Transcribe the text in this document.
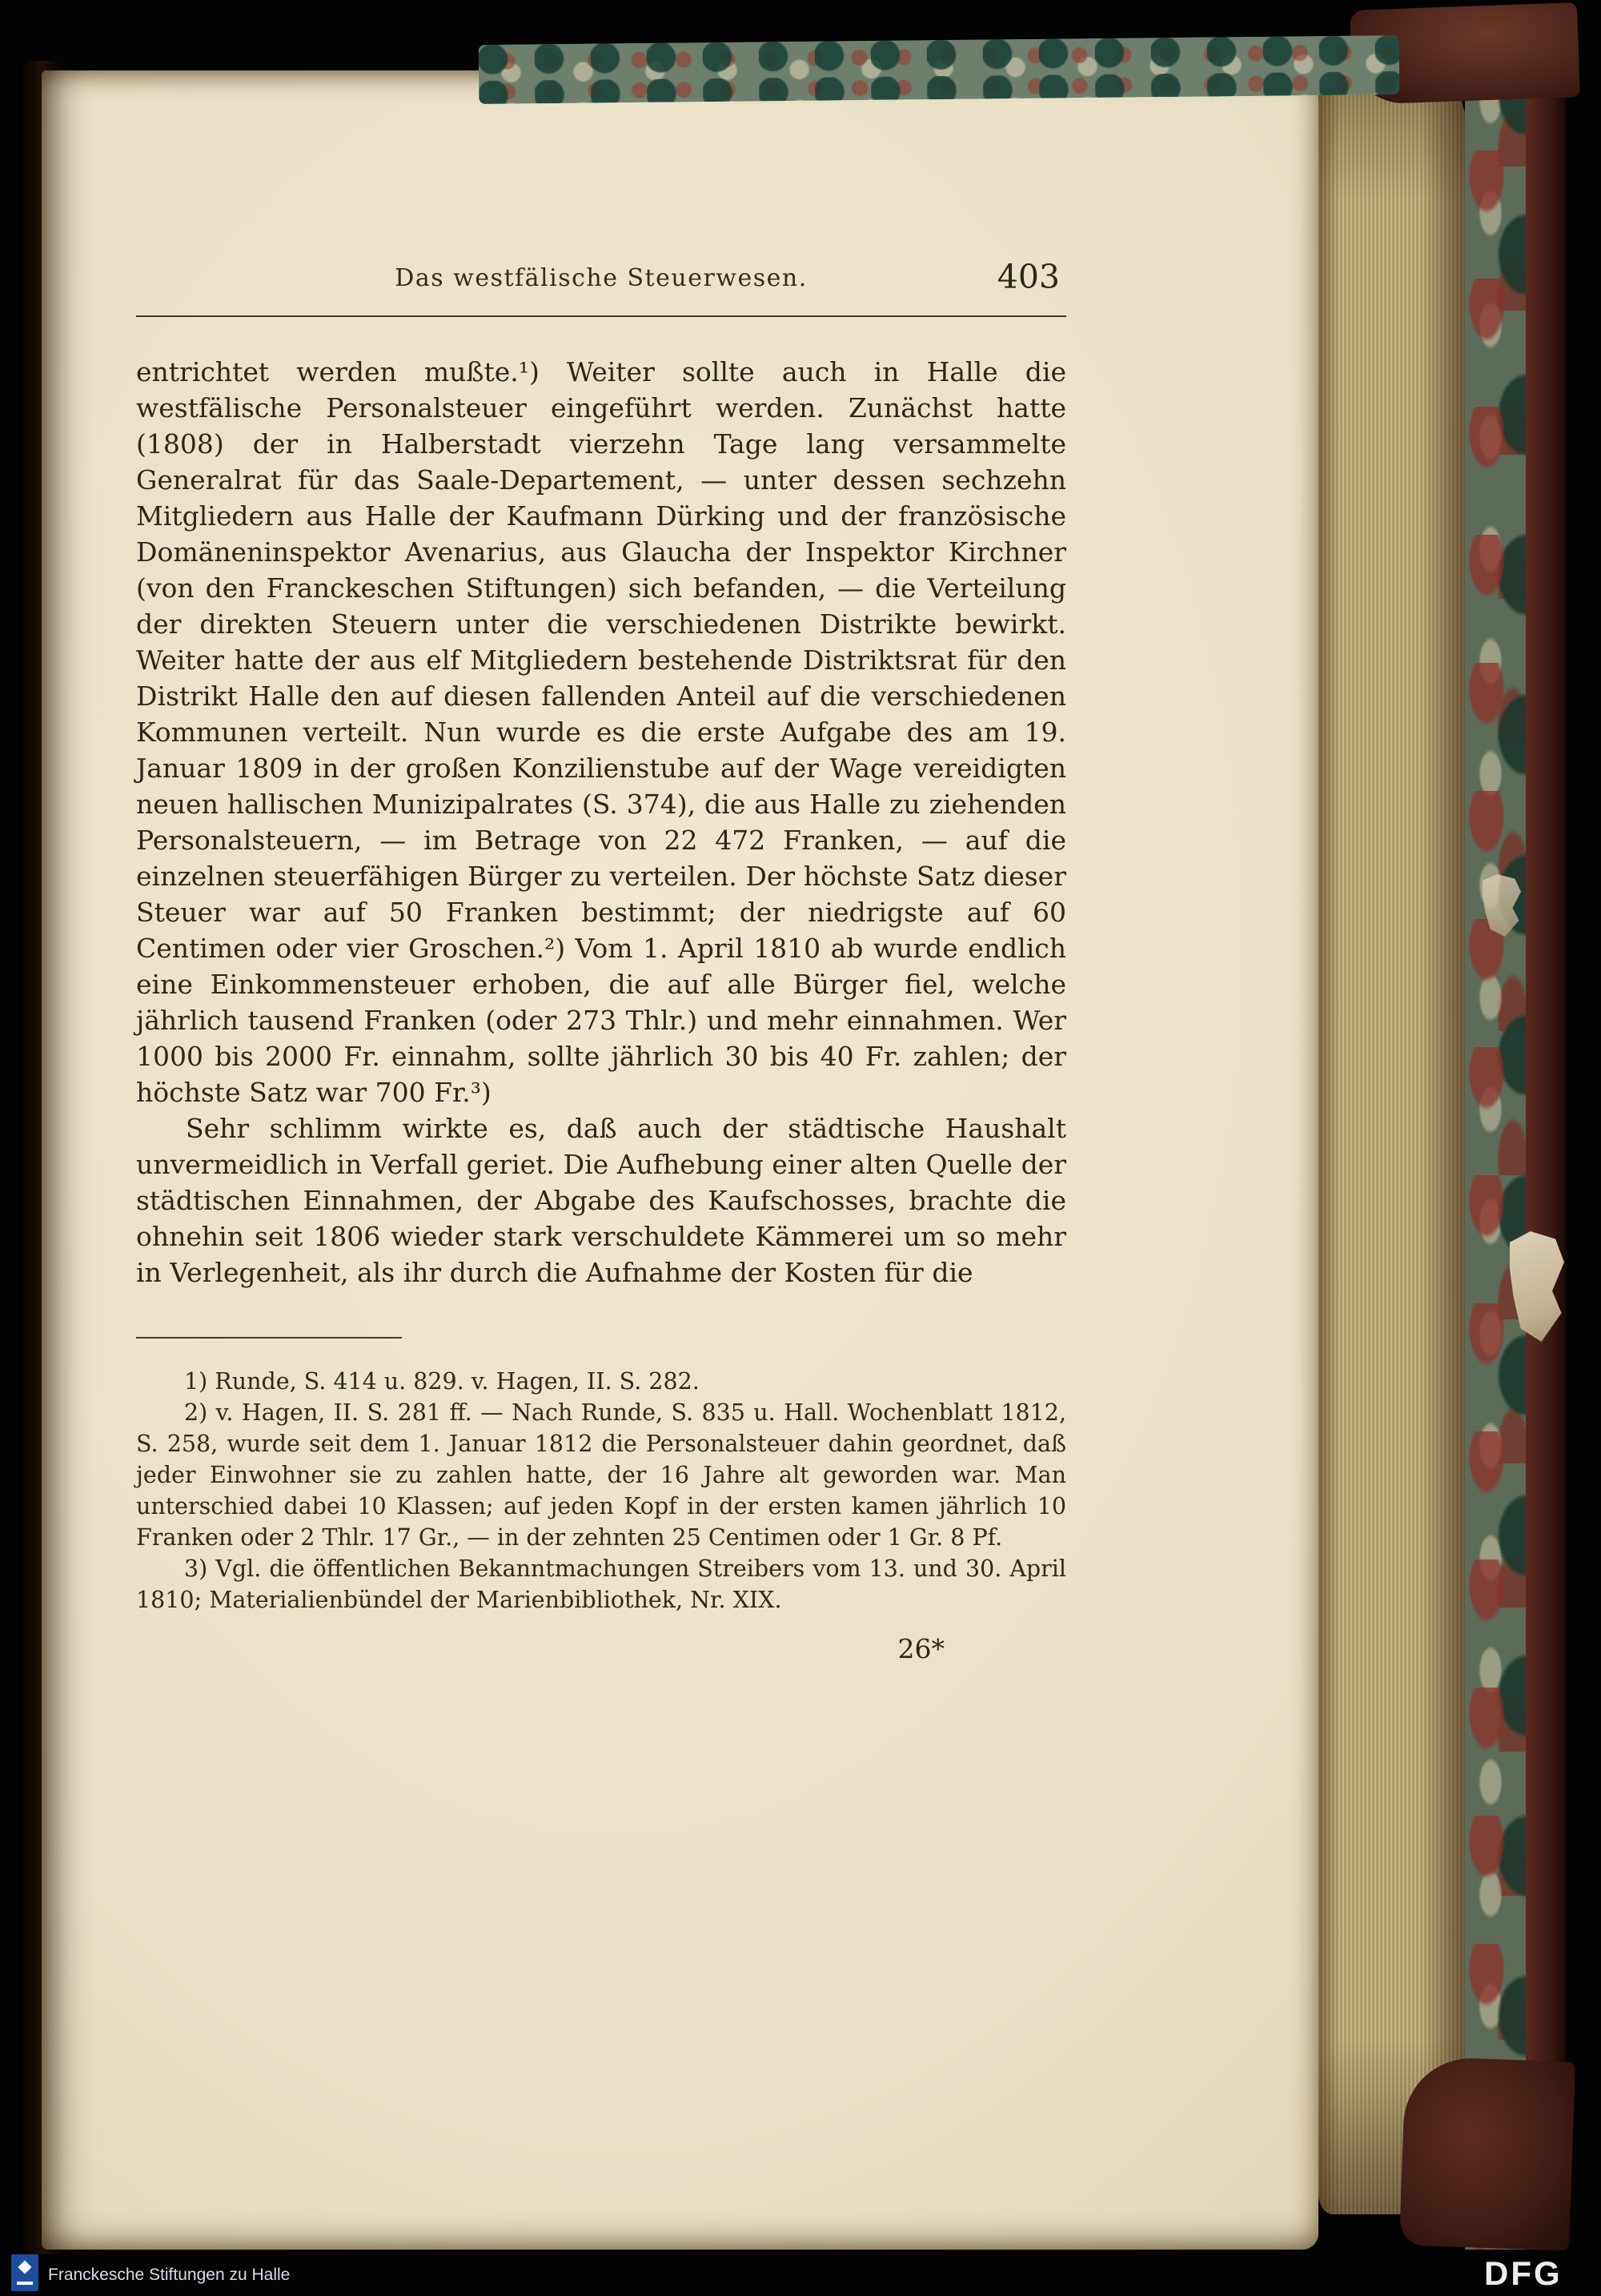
Das westfälische Steuerwesen.	403

entrichtet werden mußte.¹) Weiter sollte auch in Halle die westfälische Personalsteuer eingeführt werden. Zunächst hatte (1808) der in Halberstadt vierzehn Tage lang versammelte Generalrat für das Saale-Departement, — unter dessen sechzehn Mitgliedern aus Halle der Kaufmann Dürking und der französische Domäneninspektor Avenarius, aus Glaucha der Inspektor Kirchner (von den Franckeschen Stiftungen) sich befanden, — die Verteilung der direkten Steuern unter die verschiedenen Distrikte bewirkt. Weiter hatte der aus elf Mitgliedern bestehende Distriktsrat für den Distrikt Halle den auf diesen fallenden Anteil auf die verschiedenen Kommunen verteilt. Nun wurde es die erste Aufgabe des am 19. Januar 1809 in der großen Konzilienstube auf der Wage vereidigten neuen hallischen Munizipalrates (S. 374), die aus Halle zu ziehenden Personalsteuern, — im Betrage von 22 472 Franken, — auf die einzelnen steuerfähigen Bürger zu verteilen. Der höchste Satz dieser Steuer war auf 50 Franken bestimmt; der niedrigste auf 60 Centimen oder vier Groschen.²) Vom 1. April 1810 ab wurde endlich eine Einkommensteuer erhoben, die auf alle Bürger fiel, welche jährlich tausend Franken (oder 273 Thlr.) und mehr einnahmen. Wer 1000 bis 2000 Fr. einnahm, sollte jährlich 30 bis 40 Fr. zahlen; der höchste Satz war 700 Fr.³)

Sehr schlimm wirkte es, daß auch der städtische Haushalt unvermeidlich in Verfall geriet. Die Aufhebung einer alten Quelle der städtischen Einnahmen, der Abgabe des Kaufschosses, brachte die ohnehin seit 1806 wieder stark verschuldete Kämmerei um so mehr in Verlegenheit, als ihr durch die Aufnahme der Kosten für die

1) Runde, S. 414 u. 829. v. Hagen, II. S. 282.

2) v. Hagen, II. S. 281 ff. — Nach Runde, S. 835 u. Hall. Wochenblatt 1812, S. 258, wurde seit dem 1. Januar 1812 die Personalsteuer dahin geordnet, daß jeder Einwohner sie zu zahlen hatte, der 16 Jahre alt geworden war. Man unterschied dabei 10 Klassen; auf jeden Kopf in der ersten kamen jährlich 10 Franken oder 2 Thlr. 17 Gr., — in der zehnten 25 Centimen oder 1 Gr. 8 Pf.

3) Vgl. die öffentlichen Bekanntmachungen Streibers vom 13. und 30. April 1810; Materialienbündel der Marienbibliothek, Nr. XIX.

26*
Franckesche Stiftungen zu Halle	DFG
